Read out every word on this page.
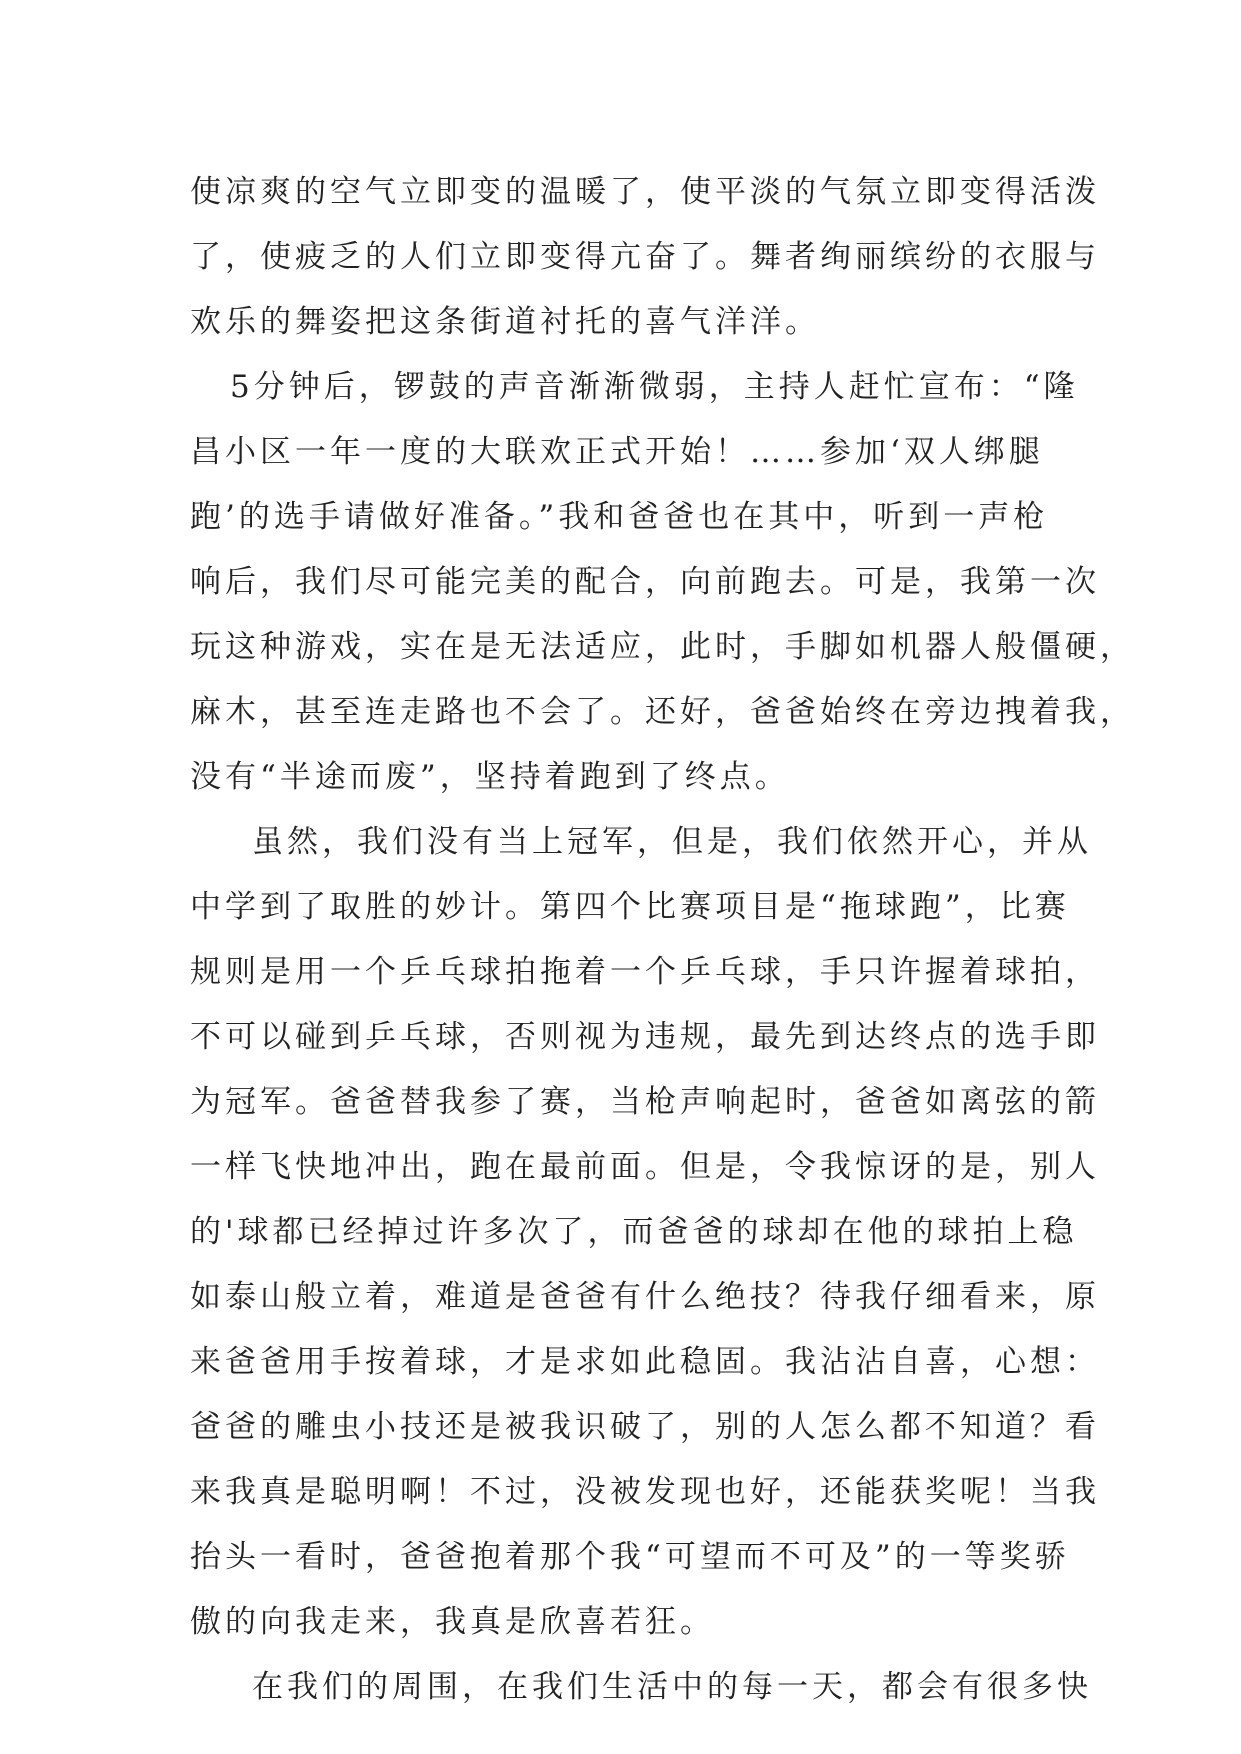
使凉爽的空气立即变的温暖了，使平淡的气氛立即变得活泼
了，使疲乏的人们立即变得亢奋了。舞者绚丽缤纷的衣服与
欢乐的舞姿把这条街道衬托的喜气洋洋。
5分钟后，锣鼓的声音渐渐微弱，主持人赶忙宣布：“隆
昌小区一年一度的大联欢正式开始！……参加‘双人绑腿
跑’的选手请做好准备。”我和爸爸也在其中，听到一声枪
响后，我们尽可能完美的配合，向前跑去。可是，我第一次
玩这种游戏，实在是无法适应，此时，手脚如机器人般僵硬，
麻木，甚至连走路也不会了。还好，爸爸始终在旁边拽着我，
没有“半途而废”，坚持着跑到了终点。
虽然，我们没有当上冠军，但是，我们依然开心，并从
中学到了取胜的妙计。第四个比赛项目是“拖球跑”，比赛
规则是用一个乒乓球拍拖着一个乒乓球，手只许握着球拍，
不可以碰到乒乓球，否则视为违规，最先到达终点的选手即
为冠军。爸爸替我参了赛，当枪声响起时，爸爸如离弦的箭
一样飞快地冲出，跑在最前面。但是，令我惊讶的是，别人
的'球都已经掉过许多次了，而爸爸的球却在他的球拍上稳
如泰山般立着，难道是爸爸有什么绝技？待我仔细看来，原
来爸爸用手按着球，才是求如此稳固。我沾沾自喜，心想：
爸爸的雕虫小技还是被我识破了，别的人怎么都不知道？看
来我真是聪明啊！不过，没被发现也好，还能获奖呢！当我
抬头一看时，爸爸抱着那个我“可望而不可及”的一等奖骄
傲的向我走来，我真是欣喜若狂。
在我们的周围，在我们生活中的每一天，都会有很多快
